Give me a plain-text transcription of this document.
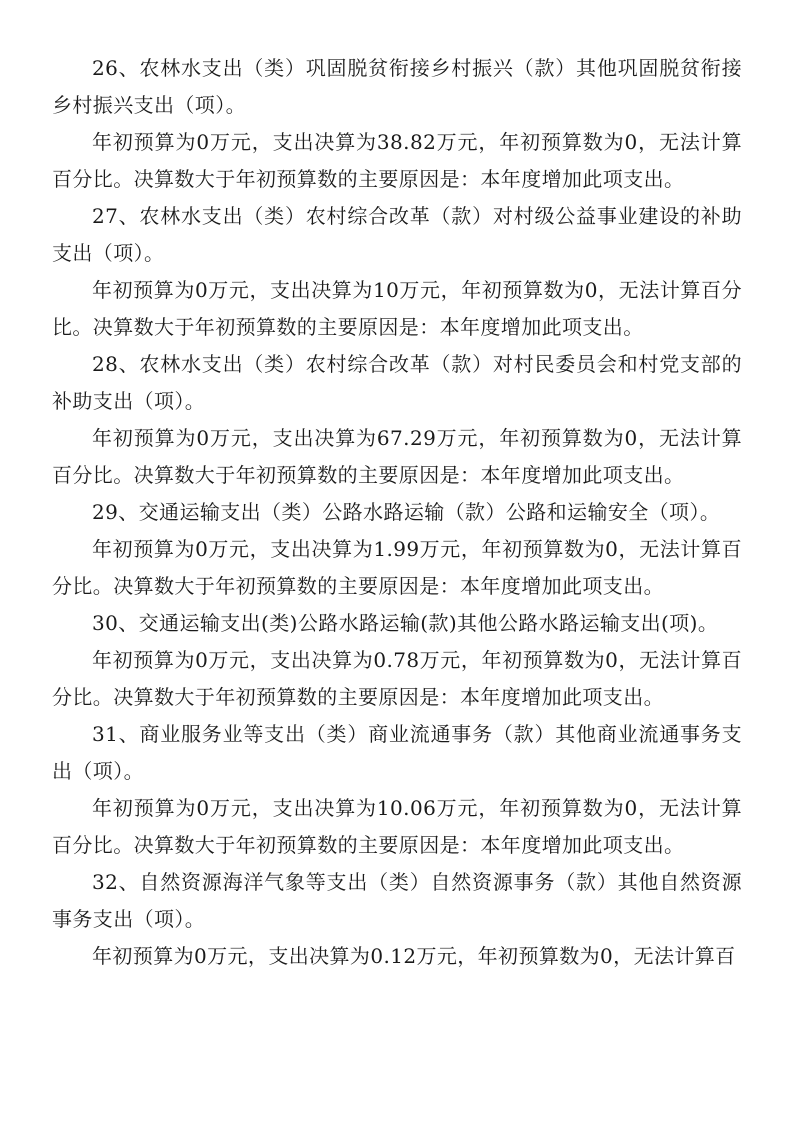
26、农林水支出（类）巩固脱贫衔接乡村振兴（款）其他巩固脱贫衔接乡村振兴支出（项）。

年初预算为0万元，支出决算为38.82万元，年初预算数为0，无法计算百分比。决算数大于年初预算数的主要原因是：本年度增加此项支出。

27、农林水支出（类）农村综合改革（款）对村级公益事业建设的补助支出（项）。

年初预算为0万元，支出决算为10万元，年初预算数为0，无法计算百分比。决算数大于年初预算数的主要原因是：本年度增加此项支出。

28、农林水支出（类）农村综合改革（款）对村民委员会和村党支部的补助支出（项）。

年初预算为0万元，支出决算为67.29万元，年初预算数为0，无法计算百分比。决算数大于年初预算数的主要原因是：本年度增加此项支出。

29、交通运输支出（类）公路水路运输（款）公路和运输安全（项）。

年初预算为0万元，支出决算为1.99万元，年初预算数为0，无法计算百分比。决算数大于年初预算数的主要原因是：本年度增加此项支出。

30、交通运输支出(类)公路水路运输(款)其他公路水路运输支出(项)。

年初预算为0万元，支出决算为0.78万元，年初预算数为0，无法计算百分比。决算数大于年初预算数的主要原因是：本年度增加此项支出。

31、商业服务业等支出（类）商业流通事务（款）其他商业流通事务支出（项）。

年初预算为0万元，支出决算为10.06万元，年初预算数为0，无法计算百分比。决算数大于年初预算数的主要原因是：本年度增加此项支出。

32、自然资源海洋气象等支出（类）自然资源事务（款）其他自然资源事务支出（项）。

年初预算为0万元，支出决算为0.12万元，年初预算数为0，无法计算百
